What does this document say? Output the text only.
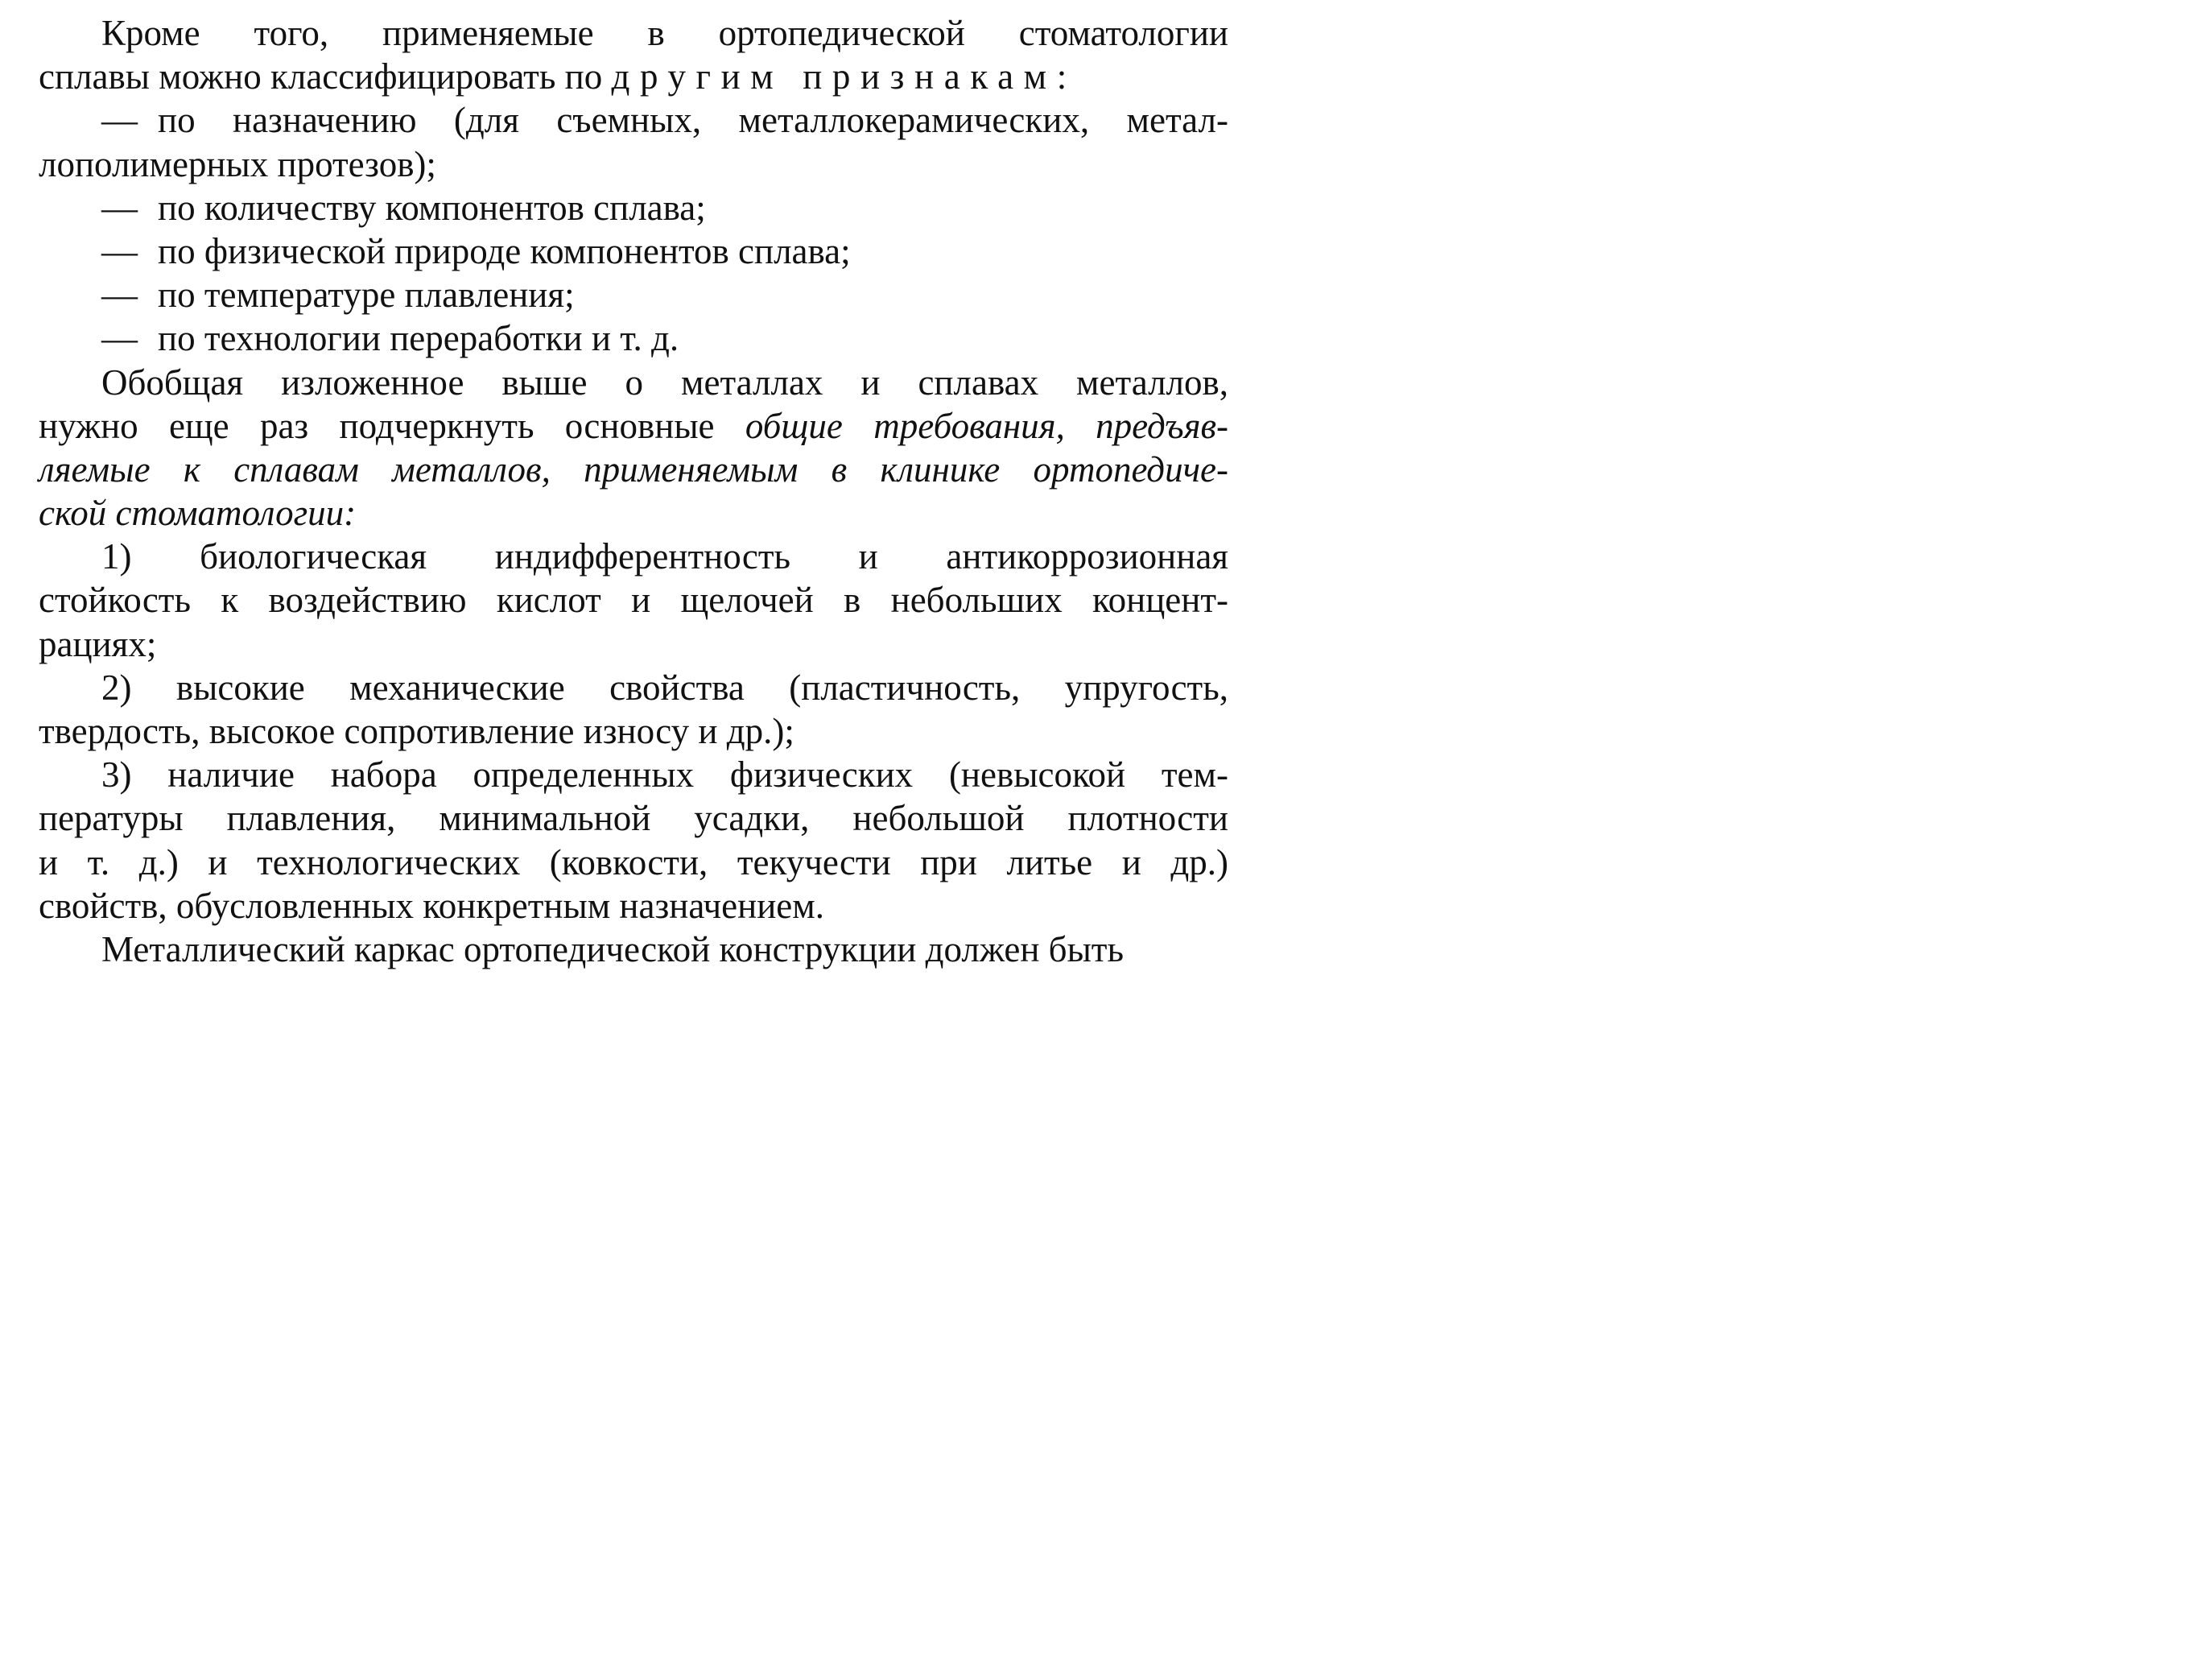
Кроме того, применяемые в ортопедической стоматологии
сплавы можно классифицировать по другим признакам:
— по назначению (для съемных, металлокерамических, метал-
лополимерных протезов);
— по количеству компонентов сплава;
— по физической природе компонентов сплава;
— по температуре плавления;
— по технологии переработки и т. д.
Обобщая изложенное выше о металлах и сплавах металлов,
нужно еще раз подчеркнуть основные общие требования, предъяв-
ляемые к сплавам металлов, применяемым в клинике ортопедиче-
ской стоматологии:
1) биологическая индифферентность и антикоррозионная
стойкость к воздействию кислот и щелочей в небольших концент-
рациях;
2) высокие механические свойства (пластичность, упругость,
твердость, высокое сопротивление износу и др.);
3) наличие набора определенных физических (невысокой тем-
пературы плавления, минимальной усадки, небольшой плотности
и т. д.) и технологических (ковкости, текучести при литье и др.)
свойств, обусловленных конкретным назначением.
Металлический каркас ортопедической конструкции должен быть
